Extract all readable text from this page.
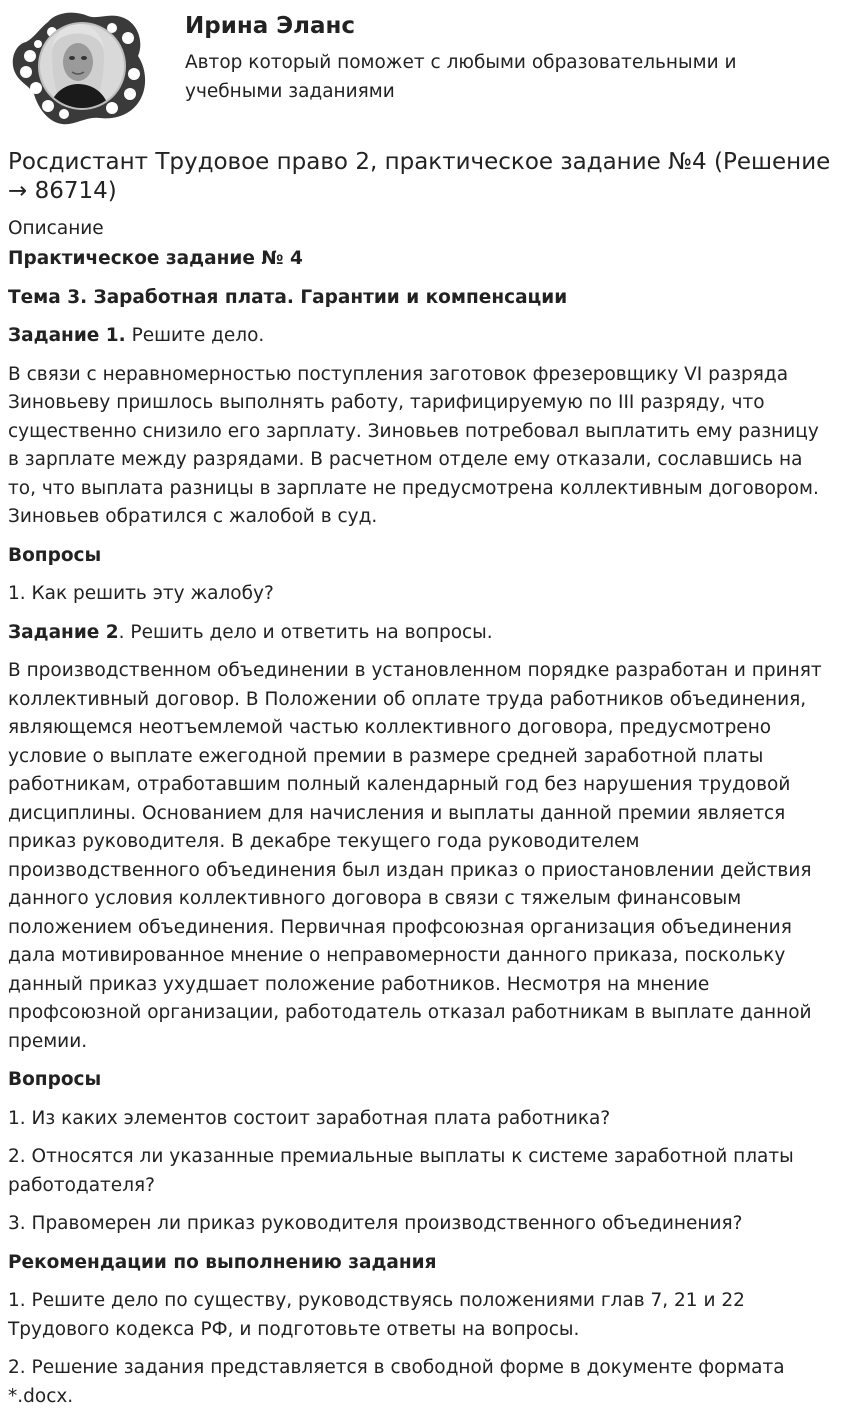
Ирина Эланс
Автор который поможет с любыми образовательными и учебными заданиями
Росдистант Трудовое право 2, практическое задание №4 (Решение → 86714)
Описание

Практическое задание № 4

Тема 3. Заработная плата. Гарантии и компенсации

Задание 1. Решите дело.

В связи с неравномерностью поступления заготовок фрезеровщику VI разряда Зиновьеву пришлось выполнять работу, тарифицируемую по III разряду, что существенно снизило его зарплату. Зиновьев потребовал выплатить ему разницу в зарплате между разрядами. В расчетном отделе ему отказали, сославшись на то, что выплата разницы в зарплате не предусмотрена коллективным договором. Зиновьев обратился с жалобой в суд.

Вопросы

1. Как решить эту жалобу?

Задание 2. Решить дело и ответить на вопросы.

В производственном объединении в установленном порядке разработан и принят коллективный договор. В Положении об оплате труда работников объединения, являющемся неотъемлемой частью коллективного договора, предусмотрено условие о выплате ежегодной премии в размере средней заработной платы работникам, отработавшим полный календарный год без нарушения трудовой дисциплины. Основанием для начисления и выплаты данной премии является приказ руководителя. В декабре текущего года руководителем производственного объединения был издан приказ о приостановлении действия данного условия коллективного договора в связи с тяжелым финансовым положением объединения. Первичная профсоюзная организация объединения дала мотивированное мнение о неправомерности данного приказа, поскольку данный приказ ухудшает положение работников. Несмотря на мнение профсоюзной организации, работодатель отказал работникам в выплате данной премии.

Вопросы

1. Из каких элементов состоит заработная плата работника?

2. Относятся ли указанные премиальные выплаты к системе заработной платы работодателя?

3. Правомерен ли приказ руководителя производственного объединения?

Рекомендации по выполнению задания

1. Решите дело по существу, руководствуясь положениями глав 7, 21 и 22 Трудового кодекса РФ, и подготовьте ответы на вопросы.

2. Решение задания представляется в свободной форме в документе формата *.docx.
